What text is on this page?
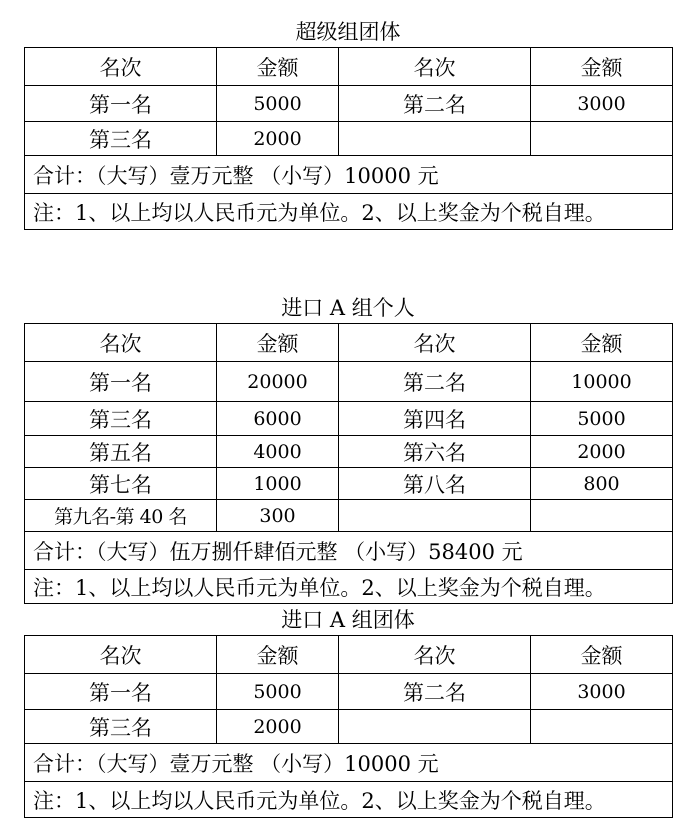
超级组团体
名次	金额	名次	金额
第一名	5000	第二名	3000
第三名	2000		
合计：（大写）壹万元整 （小写）10000 元			
注：1、以上均以人民币元为单位。2、以上奖金为个税自理。			
进口 A 组个人
名次	金额	名次	金额
第一名	20000	第二名	10000
第三名	6000	第四名	5000
第五名	4000	第六名	2000
第七名	1000	第八名	800
第九名-第 40 名	300		
合计：（大写）伍万捌仟肆佰元整 （小写）58400 元			
注：1、以上均以人民币元为单位。2、以上奖金为个税自理。			
进口 A 组团体
名次	金额	名次	金额
第一名	5000	第二名	3000
第三名	2000		
合计：（大写）壹万元整 （小写）10000 元			
注：1、以上均以人民币元为单位。2、以上奖金为个税自理。			
